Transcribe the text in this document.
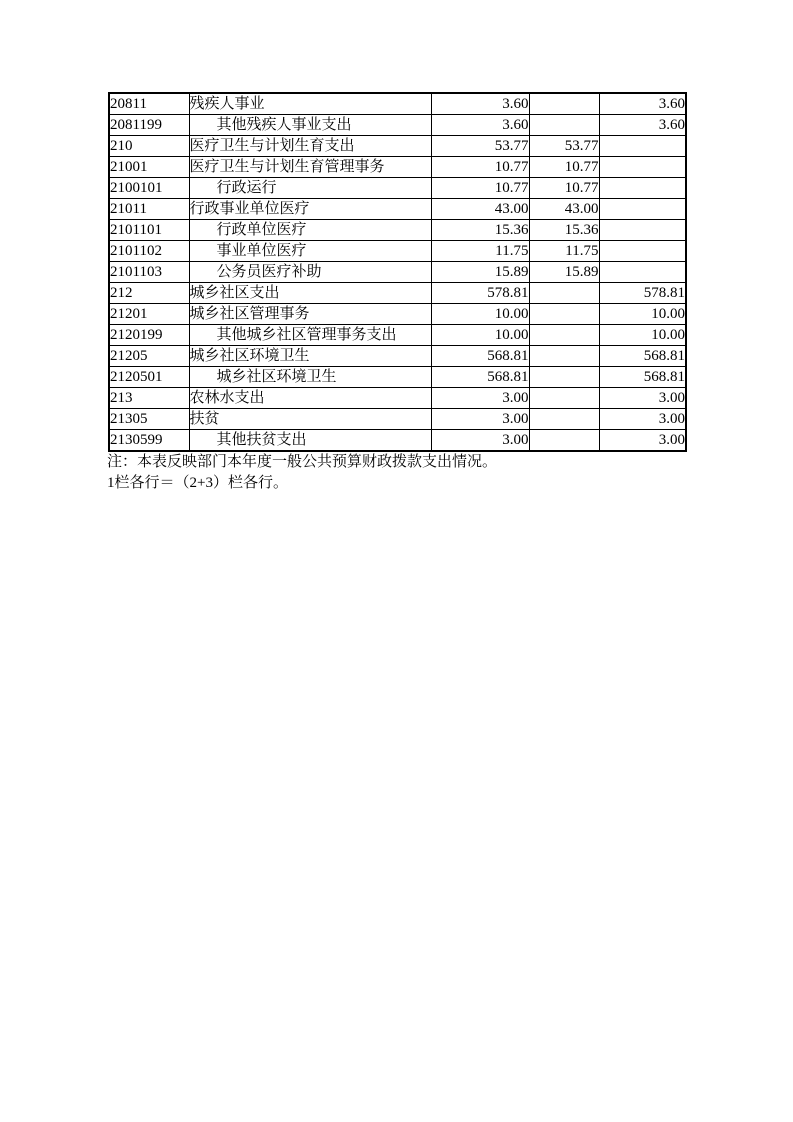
20811	残疾人事业	3.60		3.60
2081199	其他残疾人事业支出	3.60		3.60
210	医疗卫生与计划生育支出	53.77	53.77	
21001	医疗卫生与计划生育管理事务	10.77	10.77	
2100101	行政运行	10.77	10.77	
21011	行政事业单位医疗	43.00	43.00	
2101101	行政单位医疗	15.36	15.36	
2101102	事业单位医疗	11.75	11.75	
2101103	公务员医疗补助	15.89	15.89	
212	城乡社区支出	578.81		578.81
21201	城乡社区管理事务	10.00		10.00
2120199	其他城乡社区管理事务支出	10.00		10.00
21205	城乡社区环境卫生	568.81		568.81
2120501	城乡社区环境卫生	568.81		568.81
213	农林水支出	3.00		3.00
21305	扶贫	3.00		3.00
2130599	其他扶贫支出	3.00		3.00

注：本表反映部门本年度一般公共预算财政拨款支出情况。

1栏各行＝（2+3）栏各行。
